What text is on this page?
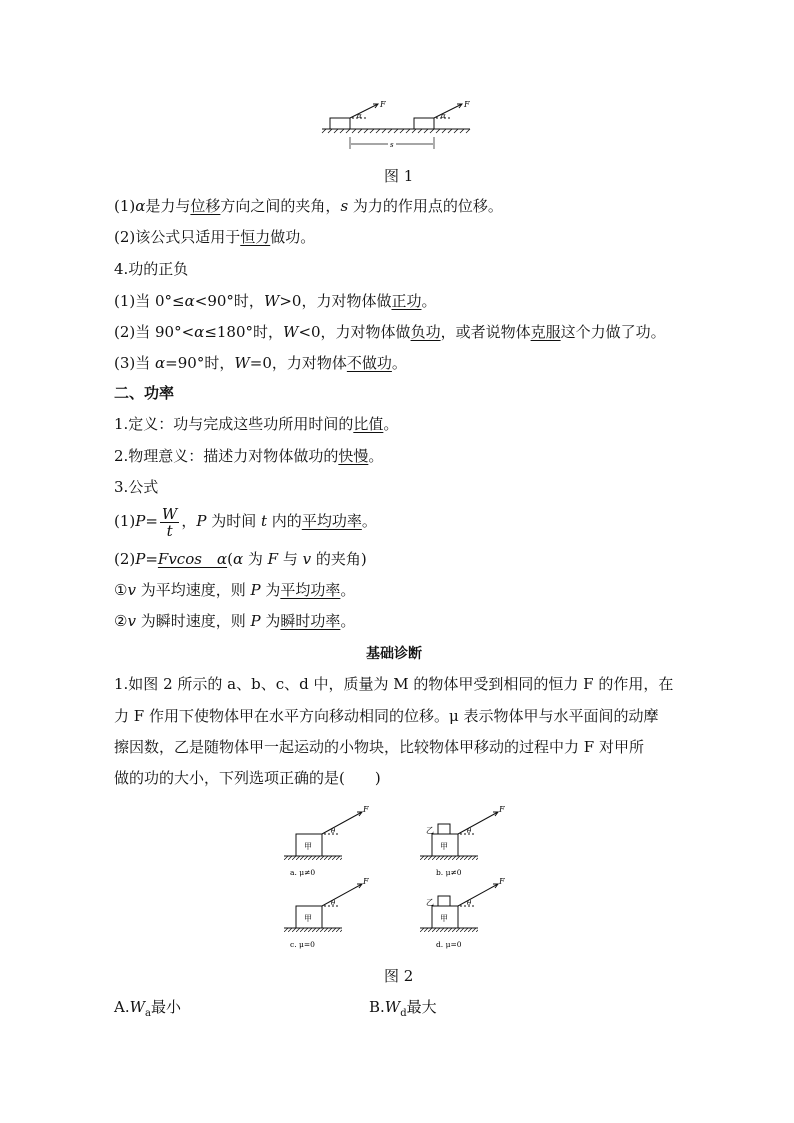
F	F
α	α
s
图 1
(1)α是力与位移方向之间的夹角，s 为力的作用点的位移。
(2)该公式只适用于恒力做功。
4.功的正负
(1)当 0°≤α<90°时，W>0，力对物体做正功。
(2)当 90°<α≤180°时，W<0，力对物体做负功，或者说物体克服这个力做了功。
(3)当 α=90°时，W=0，力对物体不做功。
二、功率
1.定义：功与完成这些功所用时间的比值。
2.物理意义：描述力对物体做功的快慢。
3.公式
$(1)P= \frac{W}{t}$ ，P 为时间 t 内的平均功率。
(2)P=Fvcos　α(α 为 F 与 v 的夹角)
①v 为平均速度，则 P 为平均功率。
②v 为瞬时速度，则 P 为瞬时功率。
基础诊断
1.如图 2 所示的 a、b、c、d 中，质量为 M 的物体甲受到相同的恒力 F 的作用，在
力 F 作用下使物体甲在水平方向移动相同的位移。μ 表示物体甲与水平面间的动摩
擦因数，乙是随物体甲一起运动的小物块，比较物体甲移动的过程中力 F 对甲所
做的功的大小，下列选项正确的是(　　)
甲	甲
甲	甲
乙
乙
F	F
F	F
θ	θ
θ	θ
a. μ≠0	b. μ≠0
c. μ=0	d. μ=0
图 2
$A.W_a$最小	$B.W_d$最大
